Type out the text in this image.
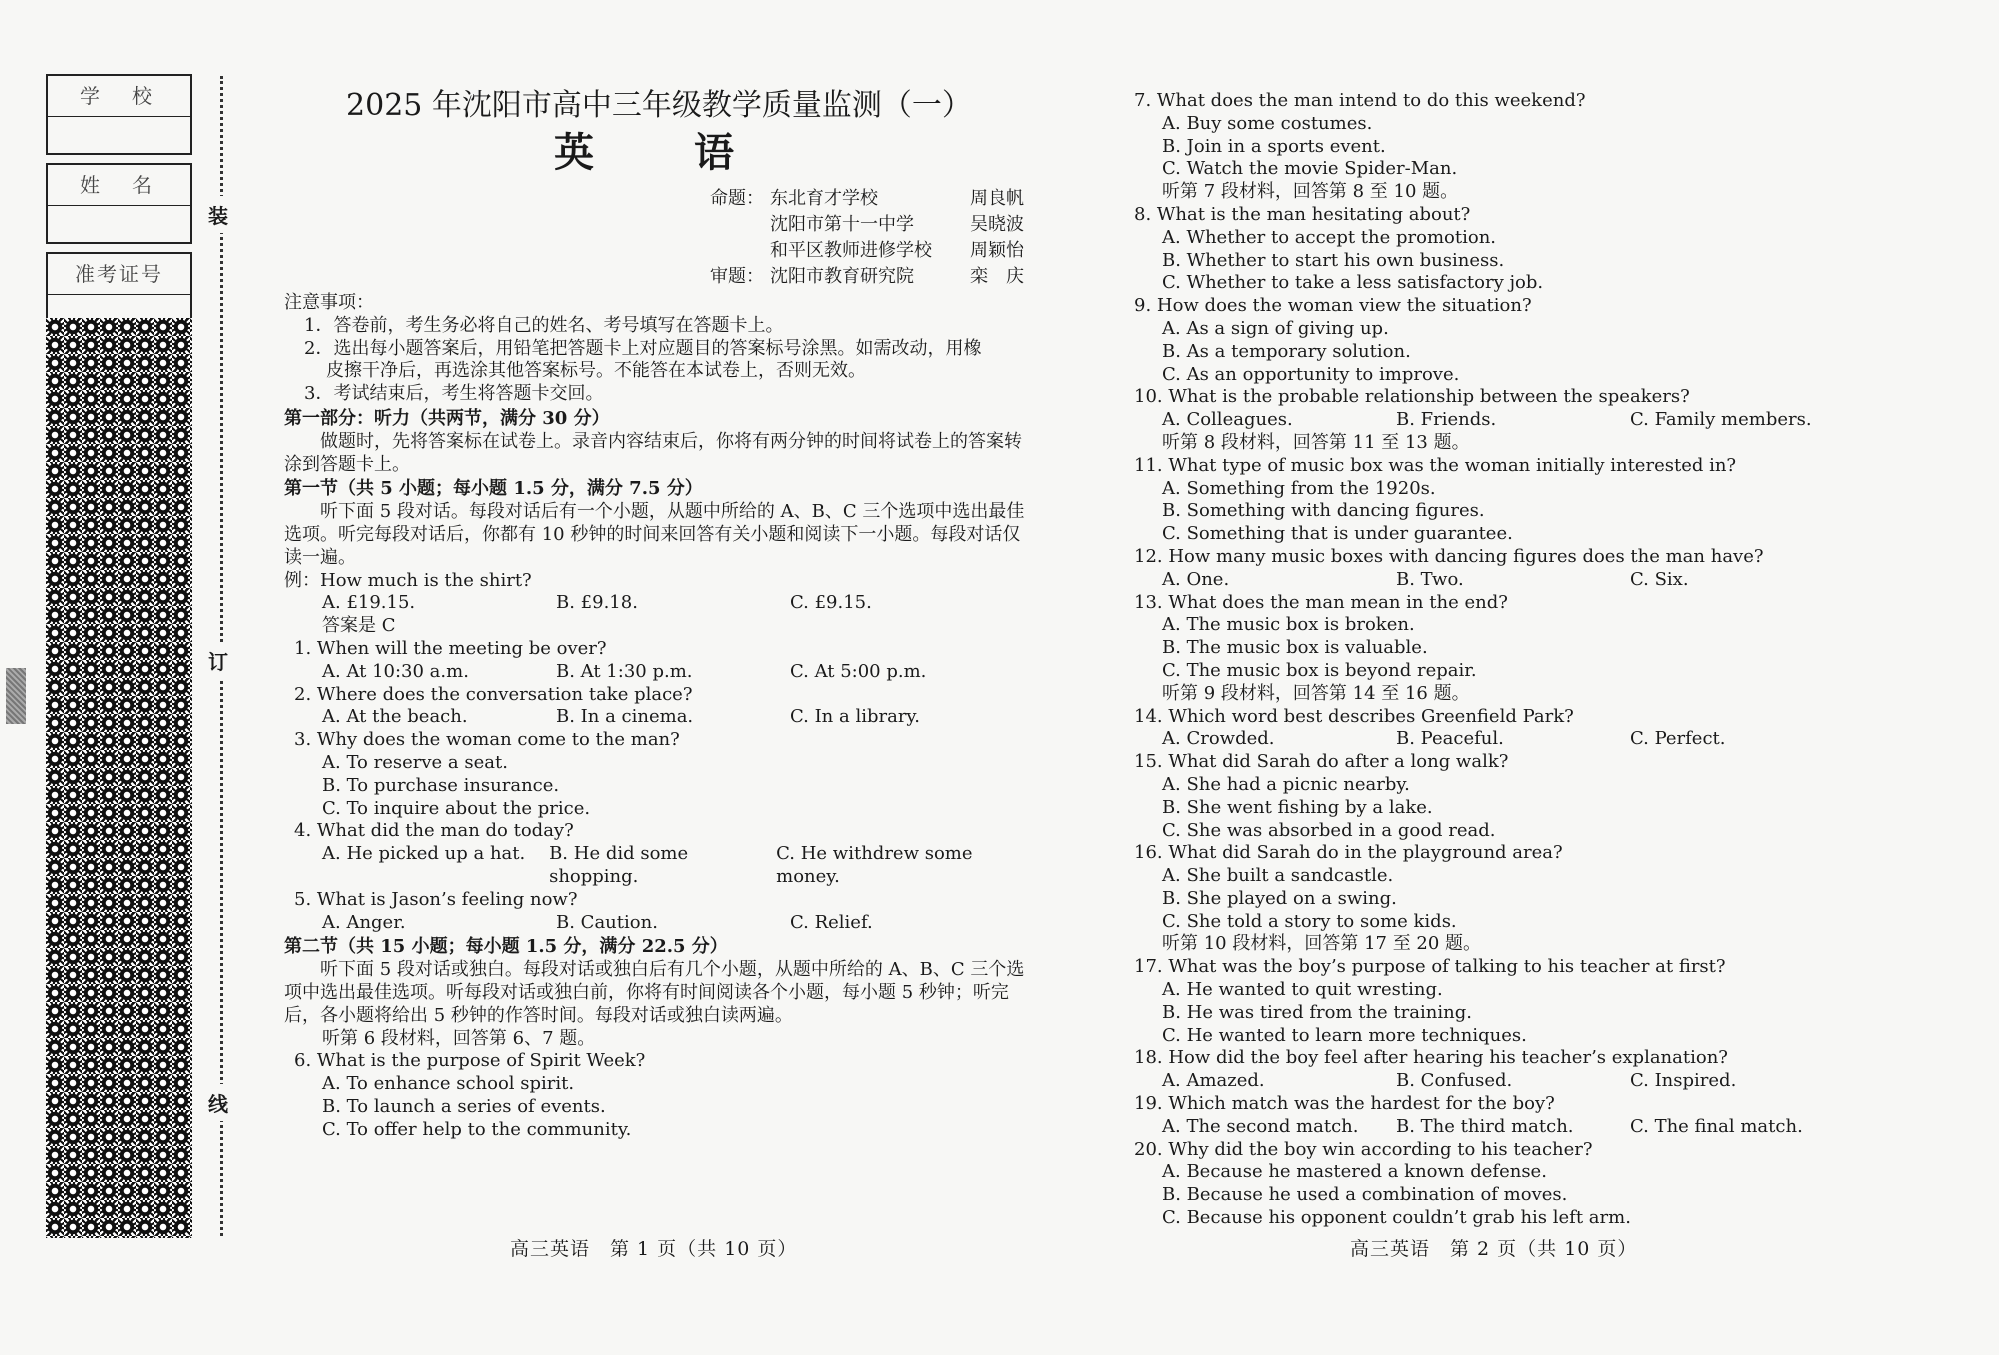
学　校
姓　名
准考证号
装
订
线
2025 年沈阳市高中三年级教学质量监测（一）
英　语
命题： 东北育才学校	周良帆
沈阳市第十一中学	吴晓波
和平区教师进修学校	周颖怡
审题： 沈阳市教育研究院	栾　庆
注意事项：
1．答卷前，考生务必将自己的姓名、考号填写在答题卡上。
2．选出每小题答案后，用铅笔把答题卡上对应题目的答案标号涂黑。如需改动，用橡
皮擦干净后，再选涂其他答案标号。不能答在本试卷上，否则无效。
3．考试结束后，考生将答题卡交回。
第一部分：听力（共两节，满分 30 分）
做题时，先将答案标在试卷上。录音内容结束后，你将有两分钟的时间将试卷上的答案转涂到答题卡上。
第一节（共 5 小题；每小题 1.5 分，满分 7.5 分）
听下面 5 段对话。每段对话后有一个小题，从题中所给的 A、B、C 三个选项中选出最佳选项。听完每段对话后，你都有 10 秒钟的时间来回答有关小题和阅读下一小题。每段对话仅读一遍。
例：How much is the shirt?
A. £19.15.	B. £9.18.	C. £9.15.
答案是 C
1. When will the meeting be over?
A. At 10:30 a.m.	B. At 1:30 p.m.	C. At 5:00 p.m.
2. Where does the conversation take place?
A. At the beach.	B. In a cinema.	C. In a library.
3. Why does the woman come to the man?
A. To reserve a seat.
B. To purchase insurance.
C. To inquire about the price.
4. What did the man do today?
A. He picked up a hat.	B. He did some shopping.
C. He withdrew some money.
5. What is Jason’s feeling now?
A. Anger.	B. Caution.	C. Relief.
第二节（共 15 小题；每小题 1.5 分，满分 22.5 分）
听下面 5 段对话或独白。每段对话或独白后有几个小题，从题中所给的 A、B、C 三个选项中选出最佳选项。听每段对话或独白前，你将有时间阅读各个小题，每小题 5 秒钟；听完后，各小题将给出 5 秒钟的作答时间。每段对话或独白读两遍。
听第 6 段材料，回答第 6、7 题。
6. What is the purpose of Spirit Week?
A. To enhance school spirit.
B. To launch a series of events.
C. To offer help to the community.
高三英语　第 1 页（共 10 页）
7. What does the man intend to do this weekend?
A. Buy some costumes.
B. Join in a sports event.
C. Watch the movie Spider-Man.
听第 7 段材料，回答第 8 至 10 题。
8. What is the man hesitating about?
A. Whether to accept the promotion.
B. Whether to start his own business.
C. Whether to take a less satisfactory job.
9. How does the woman view the situation?
A. As a sign of giving up.
B. As a temporary solution.
C. As an opportunity to improve.
10. What is the probable relationship between the speakers?
A. Colleagues.	B. Friends.	C. Family members.
听第 8 段材料，回答第 11 至 13 题。
11. What type of music box was the woman initially interested in?
A. Something from the 1920s.
B. Something with dancing figures.
C. Something that is under guarantee.
12. How many music boxes with dancing figures does the man have?
A. One.	B. Two.	C. Six.
13. What does the man mean in the end?
A. The music box is broken.
B. The music box is valuable.
C. The music box is beyond repair.
听第 9 段材料，回答第 14 至 16 题。
14. Which word best describes Greenfield Park?
A. Crowded.	B. Peaceful.	C. Perfect.
15. What did Sarah do after a long walk?
A. She had a picnic nearby.
B. She went fishing by a lake.
C. She was absorbed in a good read.
16. What did Sarah do in the playground area?
A. She built a sandcastle.
B. She played on a swing.
C. She told a story to some kids.
听第 10 段材料，回答第 17 至 20 题。
17. What was the boy’s purpose of talking to his teacher at first?
A. He wanted to quit wresting.
B. He was tired from the training.
C. He wanted to learn more techniques.
18. How did the boy feel after hearing his teacher’s explanation?
A. Amazed.	B. Confused.	C. Inspired.
19. Which match was the hardest for the boy?
A. The second match.	B. The third match.	C. The final match.
20. Why did the boy win according to his teacher?
A. Because he mastered a known defense.
B. Because he used a combination of moves.
C. Because his opponent couldn’t grab his left arm.
高三英语　第 2 页（共 10 页）
